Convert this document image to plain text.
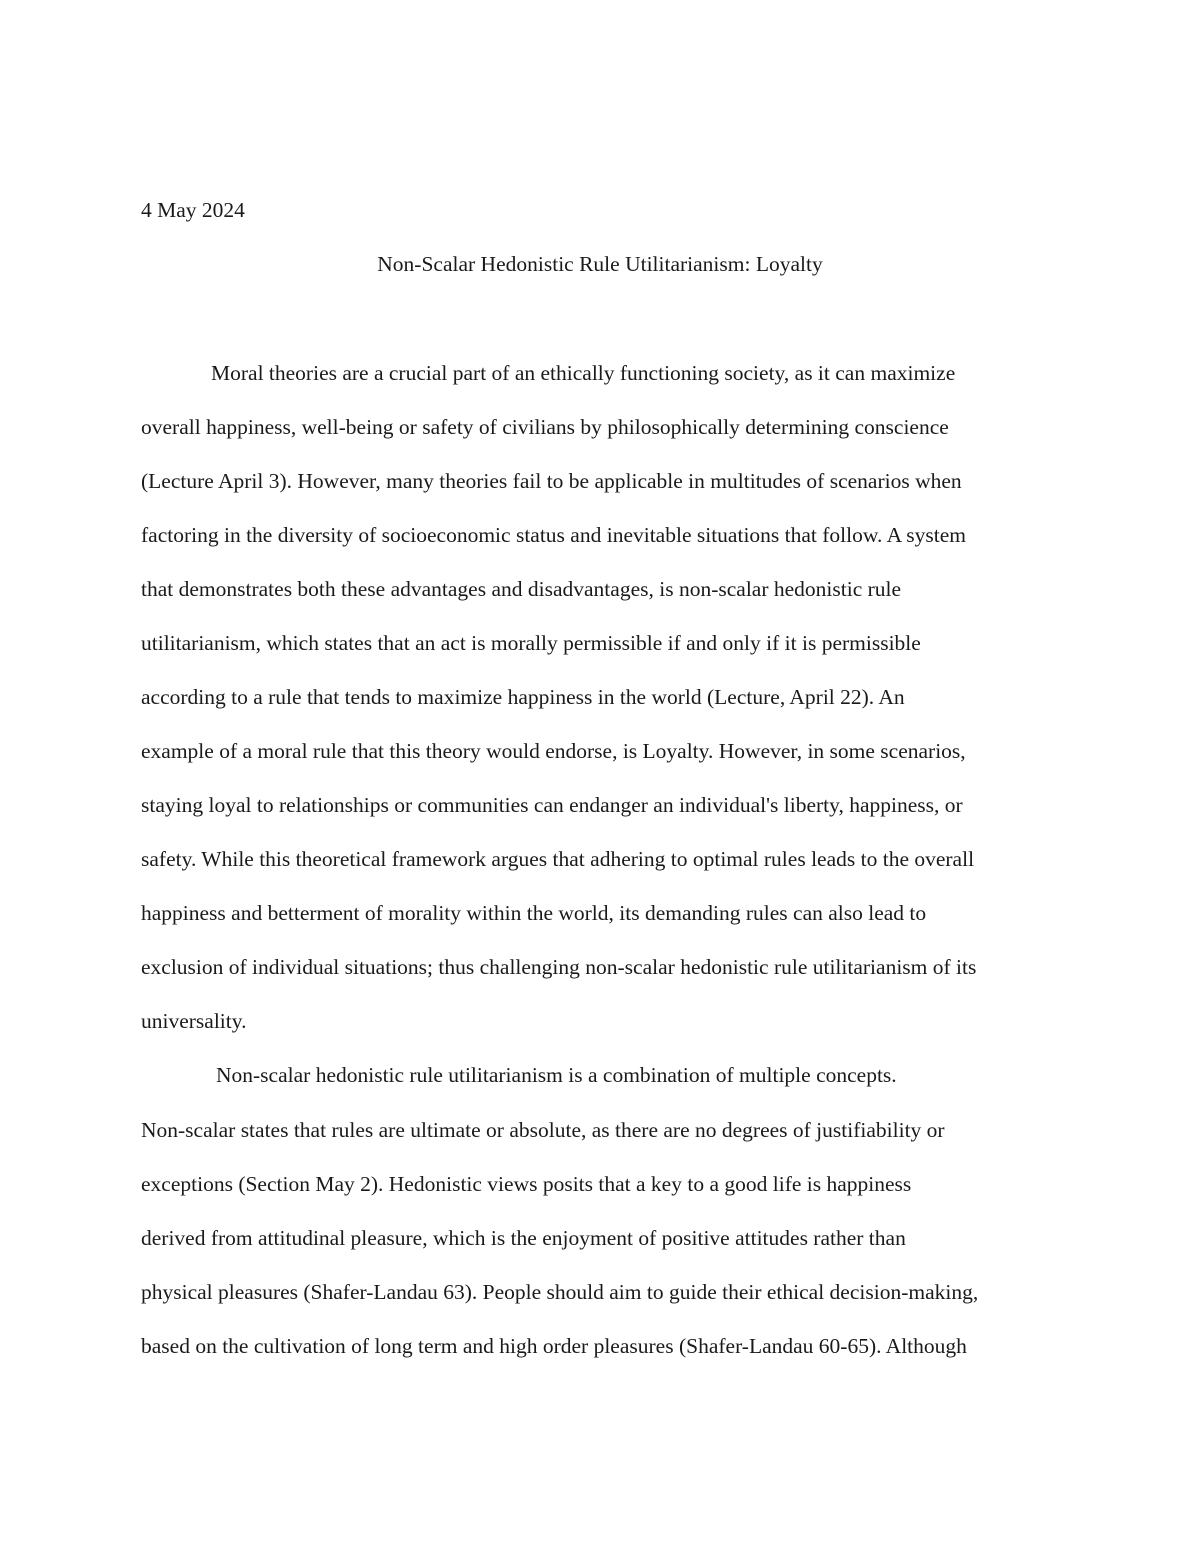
4 May 2024

Non-Scalar Hedonistic Rule Utilitarianism: Loyalty

Moral theories are a crucial part of an ethically functioning society, as it can maximize

overall happiness, well-being or safety of civilians by philosophically determining conscience

(Lecture April 3). However, many theories fail to be applicable in multitudes of scenarios when

factoring in the diversity of socioeconomic status and inevitable situations that follow. A system

that demonstrates both these advantages and disadvantages, is non-scalar hedonistic rule

utilitarianism, which states that an act is morally permissible if and only if it is permissible

according to a rule that tends to maximize happiness in the world (Lecture, April 22). An

example of a moral rule that this theory would endorse, is Loyalty. However, in some scenarios,

staying loyal to relationships or communities can endanger an individual's liberty, happiness, or

safety. While this theoretical framework argues that adhering to optimal rules leads to the overall

happiness and betterment of morality within the world, its demanding rules can also lead to

exclusion of individual situations; thus challenging non-scalar hedonistic rule utilitarianism of its

universality.

Non-scalar hedonistic rule utilitarianism is a combination of multiple concepts.

Non-scalar states that rules are ultimate or absolute, as there are no degrees of justifiability or

exceptions (Section May 2). Hedonistic views posits that a key to a good life is happiness

derived from attitudinal pleasure, which is the enjoyment of positive attitudes rather than

physical pleasures (Shafer-Landau 63). People should aim to guide their ethical decision-making,

based on the cultivation of long term and high order pleasures (Shafer-Landau 60-65). Although
